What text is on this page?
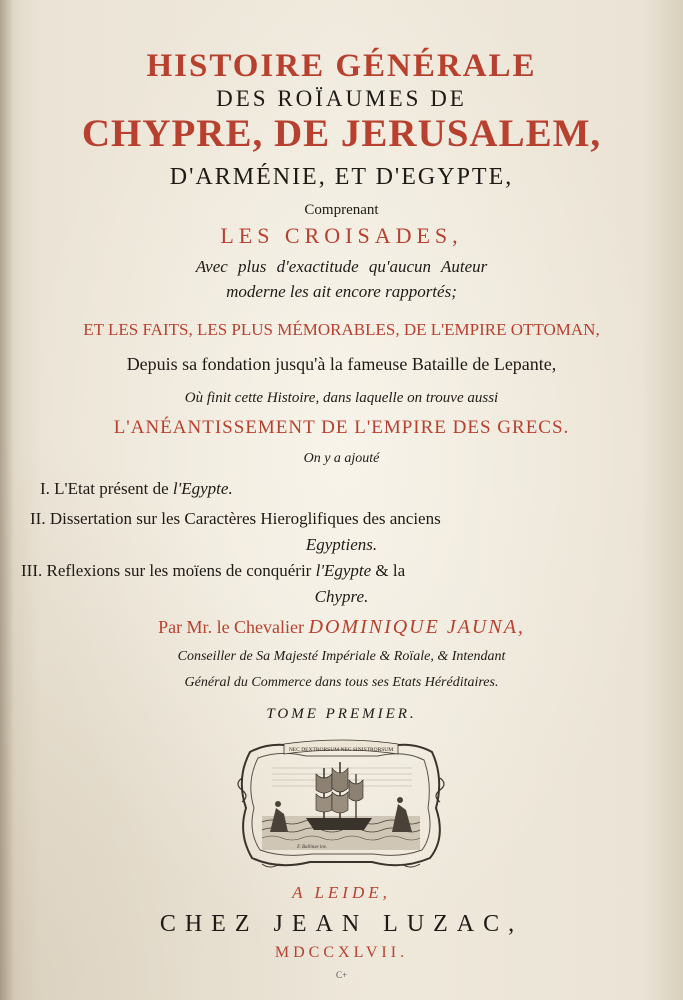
HISTOIRE GÉNÉRALE
DES ROÏAUMES DE
CHYPRE, DE JERUSALEM,
D'ARMÉNIE, ET D'EGYPTE,
Comprenant
LES CROISADES,
Avec plus d'exactitude qu'aucun Auteur
moderne les ait encore rapportés;
ET LES FAITS, LES PLUS MÉMORABLES, DE L'EMPIRE OTTOMAN,
Depuis sa fondation jusqu'à la fameuse Bataille de Lepante,
Où finit cette Histoire, dans laquelle on trouve aussi
L'ANÉANTISSEMENT DE L'EMPIRE DES GRECS.
On y a ajouté
I. L'Etat présent de l'Egypte.
II. Dissertation sur les Caractères Hieroglifiques des anciens
Egyptiens.
III. Reflexions sur les moïens de conquérir l'Egypte & la
Chypre.
Par Mr. le Chevalier DOMINIQUE JAUNA,
Conseiller de Sa Majesté Impériale & Roïale, & Intendant
Général du Commerce dans tous ses Etats Héréditaires.
TOME PREMIER.
NEC DEXTRORSUM NEC SINISTRORSUM
F. Ballinxe inv.
A LEIDE,
CHEZ JEAN LUZAC,
MDCCXLVII.
C+
